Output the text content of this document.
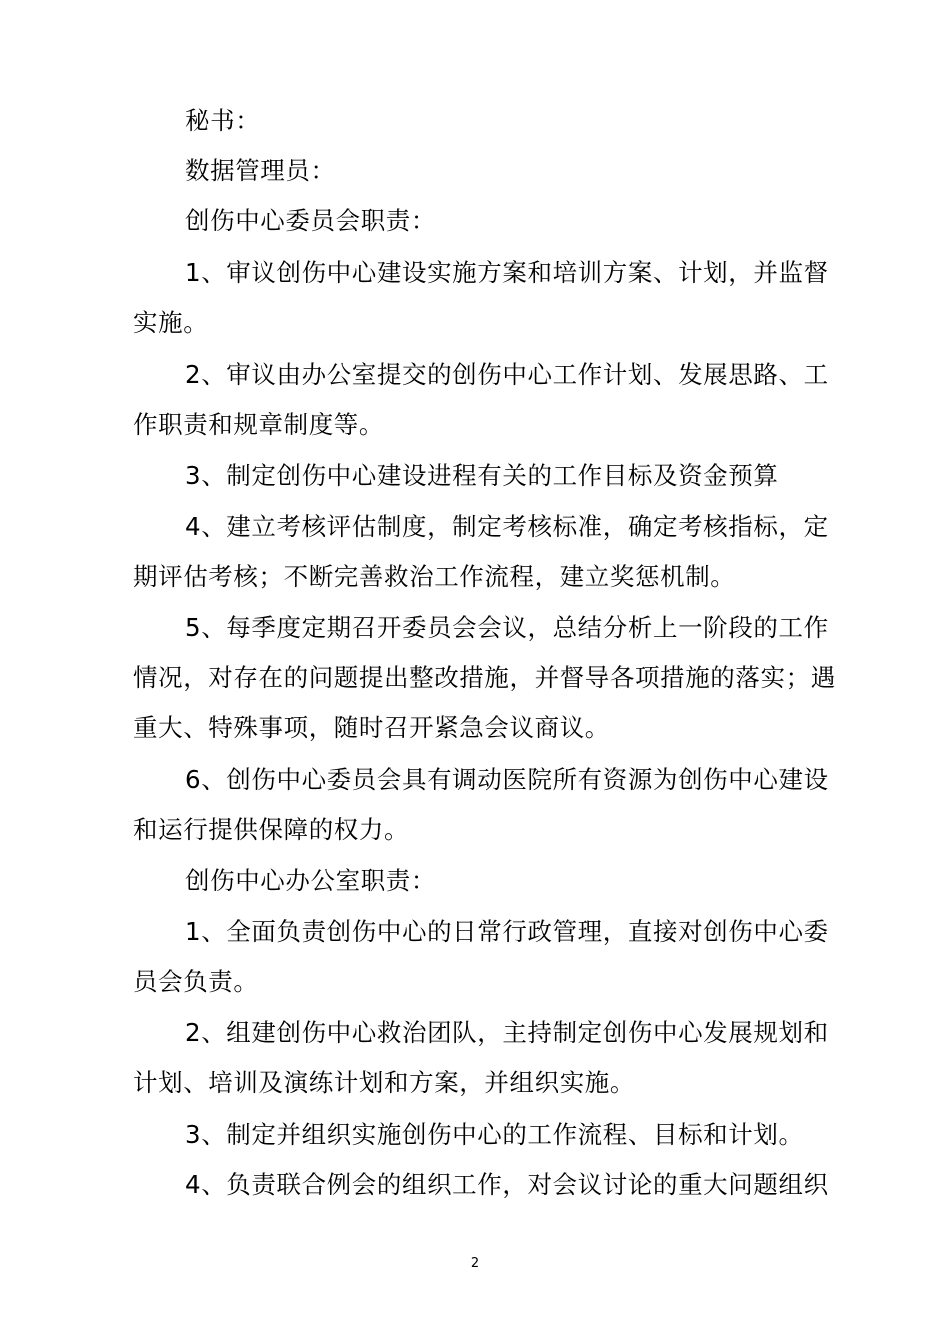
秘书：
数据管理员：
创伤中心委员会职责：
1、审议创伤中心建设实施方案和培训方案、计划，并监督
实施。
2、审议由办公室提交的创伤中心工作计划、发展思路、工
作职责和规章制度等。
3、制定创伤中心建设进程有关的工作目标及资金预算
4、建立考核评估制度，制定考核标准，确定考核指标，定
期评估考核；不断完善救治工作流程，建立奖惩机制。
5、每季度定期召开委员会会议，总结分析上一阶段的工作
情况，对存在的问题提出整改措施，并督导各项措施的落实；遇
重大、特殊事项，随时召开紧急会议商议。
6、创伤中心委员会具有调动医院所有资源为创伤中心建设
和运行提供保障的权力。
创伤中心办公室职责：
1、全面负责创伤中心的日常行政管理，直接对创伤中心委
员会负责。
2、组建创伤中心救治团队，主持制定创伤中心发展规划和
计划、培训及演练计划和方案，并组织实施。
3、制定并组织实施创伤中心的工作流程、目标和计划。
4、负责联合例会的组织工作，对会议讨论的重大问题组织
2
